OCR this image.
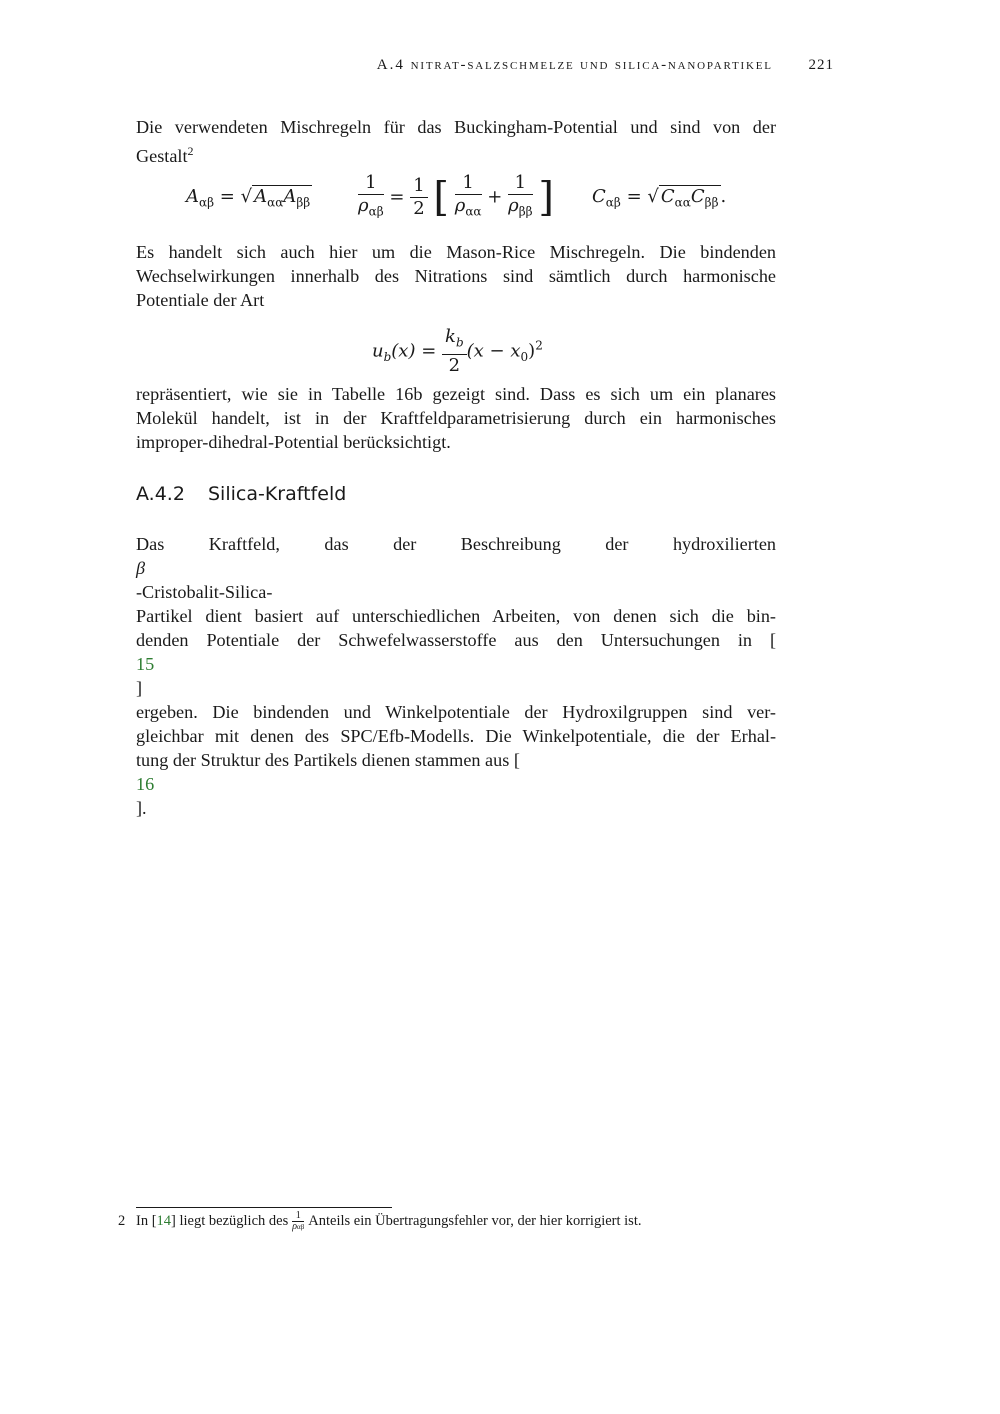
A.4 nitrat-salzschmelze und silica-nanopartikel 221
Die verwendeten Mischregeln für das Buckingham-Potential und sind von der
Gestalt$^2$
$A_{\alpha\beta}$ = √ $A_{\alpha\alpha}A_{\beta\beta}$	$\frac{1}{\rho_{\alpha\beta}} = \frac{1}{2}$ [ $\frac{1}{\rho_{\alpha\alpha}} + \frac{1}{\rho_{\beta\beta}}$ ] $C_{\alpha\beta}$ = √ $C_{\alpha\alpha}C_{\beta\beta}$ .
Es handelt sich auch hier um die Mason-Rice Mischregeln. Die bindenden
Wechselwirkungen innerhalb des Nitrations sind sämtlich durch harmonische
Potentiale der Art
$u_b(x) = \frac{k_b}{2} (x - x_0)^2$
repräsentiert, wie sie in Tabelle 16b gezeigt sind. Dass es sich um ein planares
Molekül handelt, ist in der Kraftfeldparametrisierung durch ein harmonisches
improper-dihedral-Potential berücksichtigt.
A.4.2 Silica-Kraftfeld
Das Kraftfeld, das der Beschreibung der hydroxilierten
β
-Cristobalit-Silica-
Partikel dient basiert auf unterschiedlichen Arbeiten, von denen sich die bin-
denden Potentiale der Schwefelwasserstoffe aus den Untersuchungen in [
15
]
ergeben. Die bindenden und Winkelpotentiale der Hydroxilgruppen sind ver-
gleichbar mit denen des SPC/Efb-Modells. Die Winkelpotentiale, die der Erhal-
tung der Struktur des Partikels dienen stammen aus [
16
].
2 In [14] liegt bezüglich des 1
ραβ Anteils ein Übertragungsfehler vor, der hier korrigiert ist.
